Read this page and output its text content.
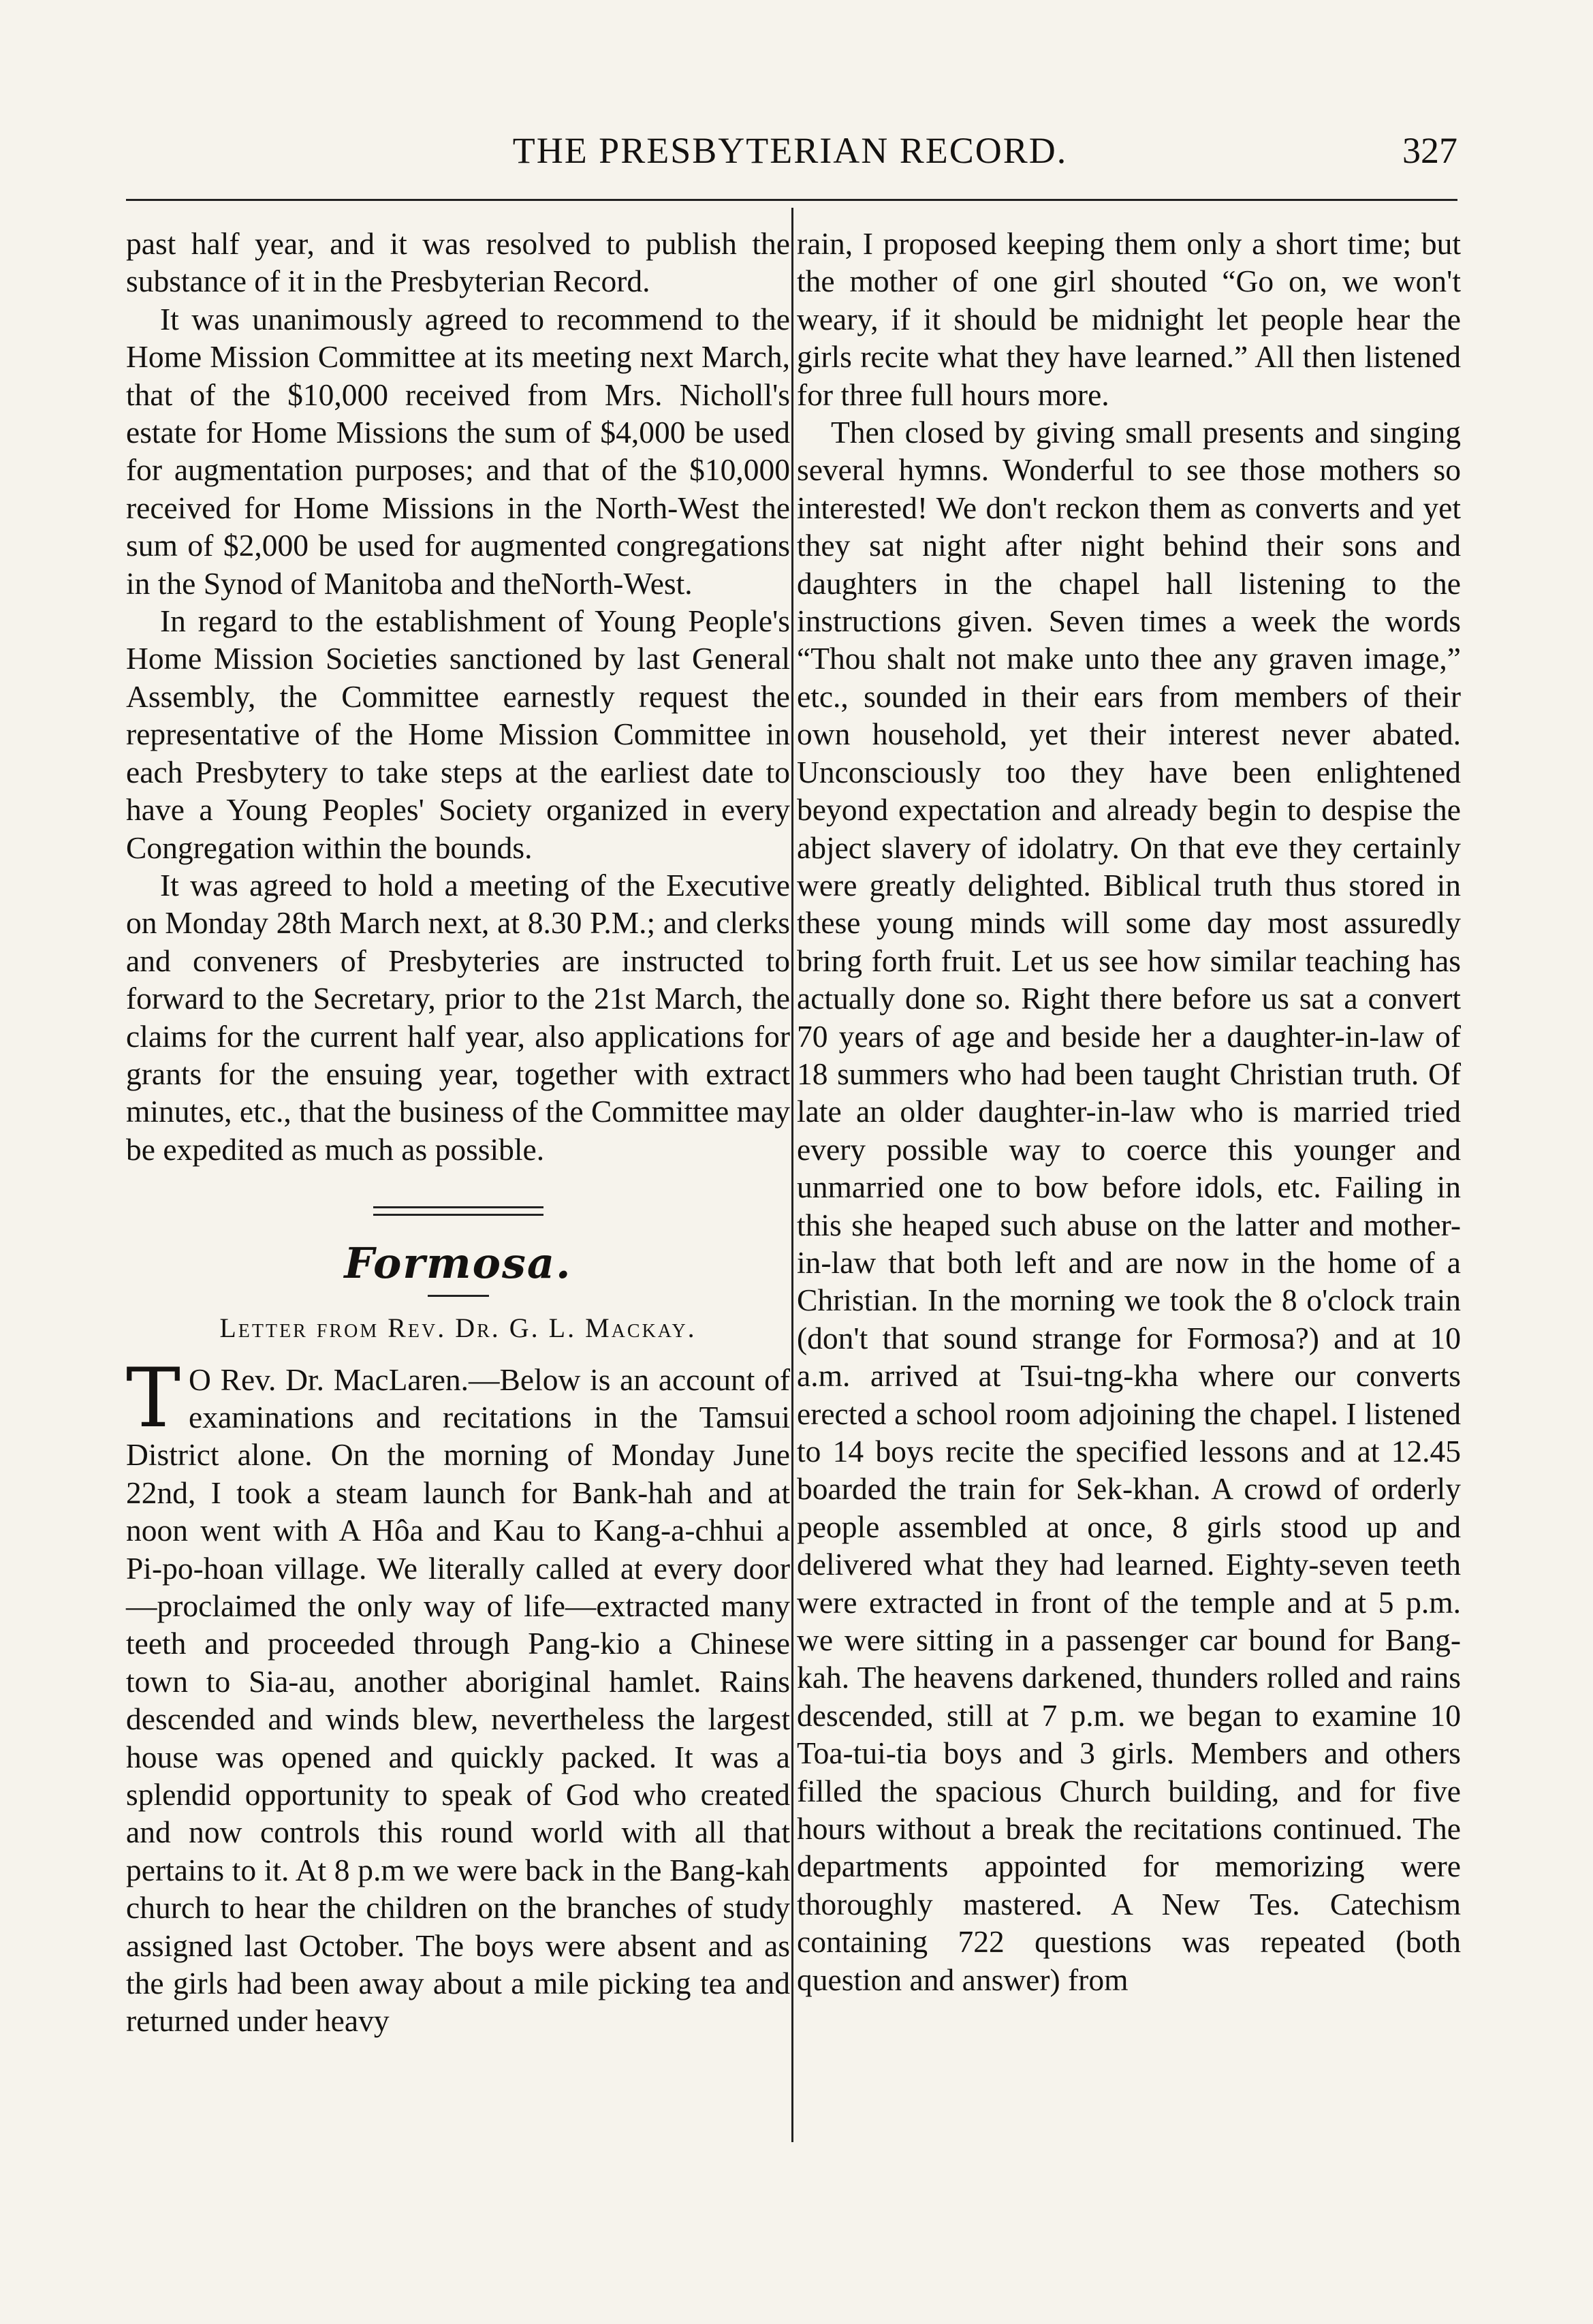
THE PRESBYTERIAN RECORD.	327

past half year, and it was resolved to publish the substance of it in the Presbyterian Record.

It was unanimously agreed to recommend to the Home Mission Committee at its meeting next March, that of the $10,000 received from Mrs. Nicholl's estate for Home Missions the sum of $4,000 be used for augmentation purposes; and that of the $10,000 received for Home Missions in the North-West the sum of $2,000 be used for augmented congregations in the Synod of Manitoba and theNorth-West.

In regard to the establishment of Young People's Home Mission Societies sanctioned by last General Assembly, the Committee earnestly request the representative of the Home Mission Committee in each Presbytery to take steps at the earliest date to have a Young Peoples' Society organized in every Congregation within the bounds.

It was agreed to hold a meeting of the Executive on Monday 28th March next, at 8.30 P.M.; and clerks and conveners of Presbyteries are instructed to forward to the Secretary, prior to the 21st March, the claims for the current half year, also applications for grants for the ensuing year, together with extract minutes, etc., that the business of the Committee may be expedited as much as possible.

Formosa.
Letter from Rev. Dr. G. L. Mackay.
T O Rev. Dr. MacLaren.—Below is an account of examinations and recitations in the Tamsui District alone. On the morning of Monday June 22nd, I took a steam launch for Bank-hah and at noon went with A Hôa and Kau to Kang-a-chhui a Pi-po-hoan village. We literally called at every door—proclaimed the only way of life—extracted many teeth and proceeded through Pang-kio a Chinese town to Sia-au, another aboriginal hamlet. Rains descended and winds blew, nevertheless the largest house was opened and quickly packed. It was a splendid opportunity to speak of God who created and now controls this round world with all that pertains to it. At 8 p.m we were back in the Bang-kah church to hear the children on the branches of study assigned last October. The boys were absent and as the girls had been away about a mile picking tea and returned under heavy

rain, I proposed keeping them only a short time; but the mother of one girl shouted “Go on, we won't weary, if it should be midnight let people hear the girls recite what they have learned.” All then listened for three full hours more.

Then closed by giving small presents and singing several hymns. Wonderful to see those mothers so interested! We don't reckon them as converts and yet they sat night after night behind their sons and daughters in the chapel hall listening to the instructions given. Seven times a week the words “Thou shalt not make unto thee any graven image,” etc., sounded in their ears from members of their own household, yet their interest never abated. Unconsciously too they have been enlightened beyond expectation and already begin to despise the abject slavery of idolatry. On that eve they certainly were greatly delighted. Biblical truth thus stored in these young minds will some day most assuredly bring forth fruit. Let us see how similar teaching has actually done so. Right there before us sat a convert 70 years of age and beside her a daughter-in-law of 18 summers who had been taught Christian truth. Of late an older daughter-in-law who is married tried every possible way to coerce this younger and unmarried one to bow before idols, etc. Failing in this she heaped such abuse on the latter and mother-in-law that both left and are now in the home of a Christian. In the morning we took the 8 o'clock train (don't that sound strange for Formosa?) and at 10 a.m. arrived at Tsui-tng-kha where our converts erected a school room adjoining the chapel. I listened to 14 boys recite the specified lessons and at 12.45 boarded the train for Sek-khan. A crowd of orderly people assembled at once, 8 girls stood up and delivered what they had learned. Eighty-seven teeth were extracted in front of the temple and at 5 p.m. we were sitting in a passenger car bound for Bang-kah. The heavens darkened, thunders rolled and rains descended, still at 7 p.m. we began to examine 10 Toa-tui-tia boys and 3 girls. Members and others filled the spacious Church building, and for five hours without a break the recitations continued. The departments appointed for memorizing were thoroughly mastered. A New Tes. Catechism containing 722 questions was repeated (both question and answer) from
